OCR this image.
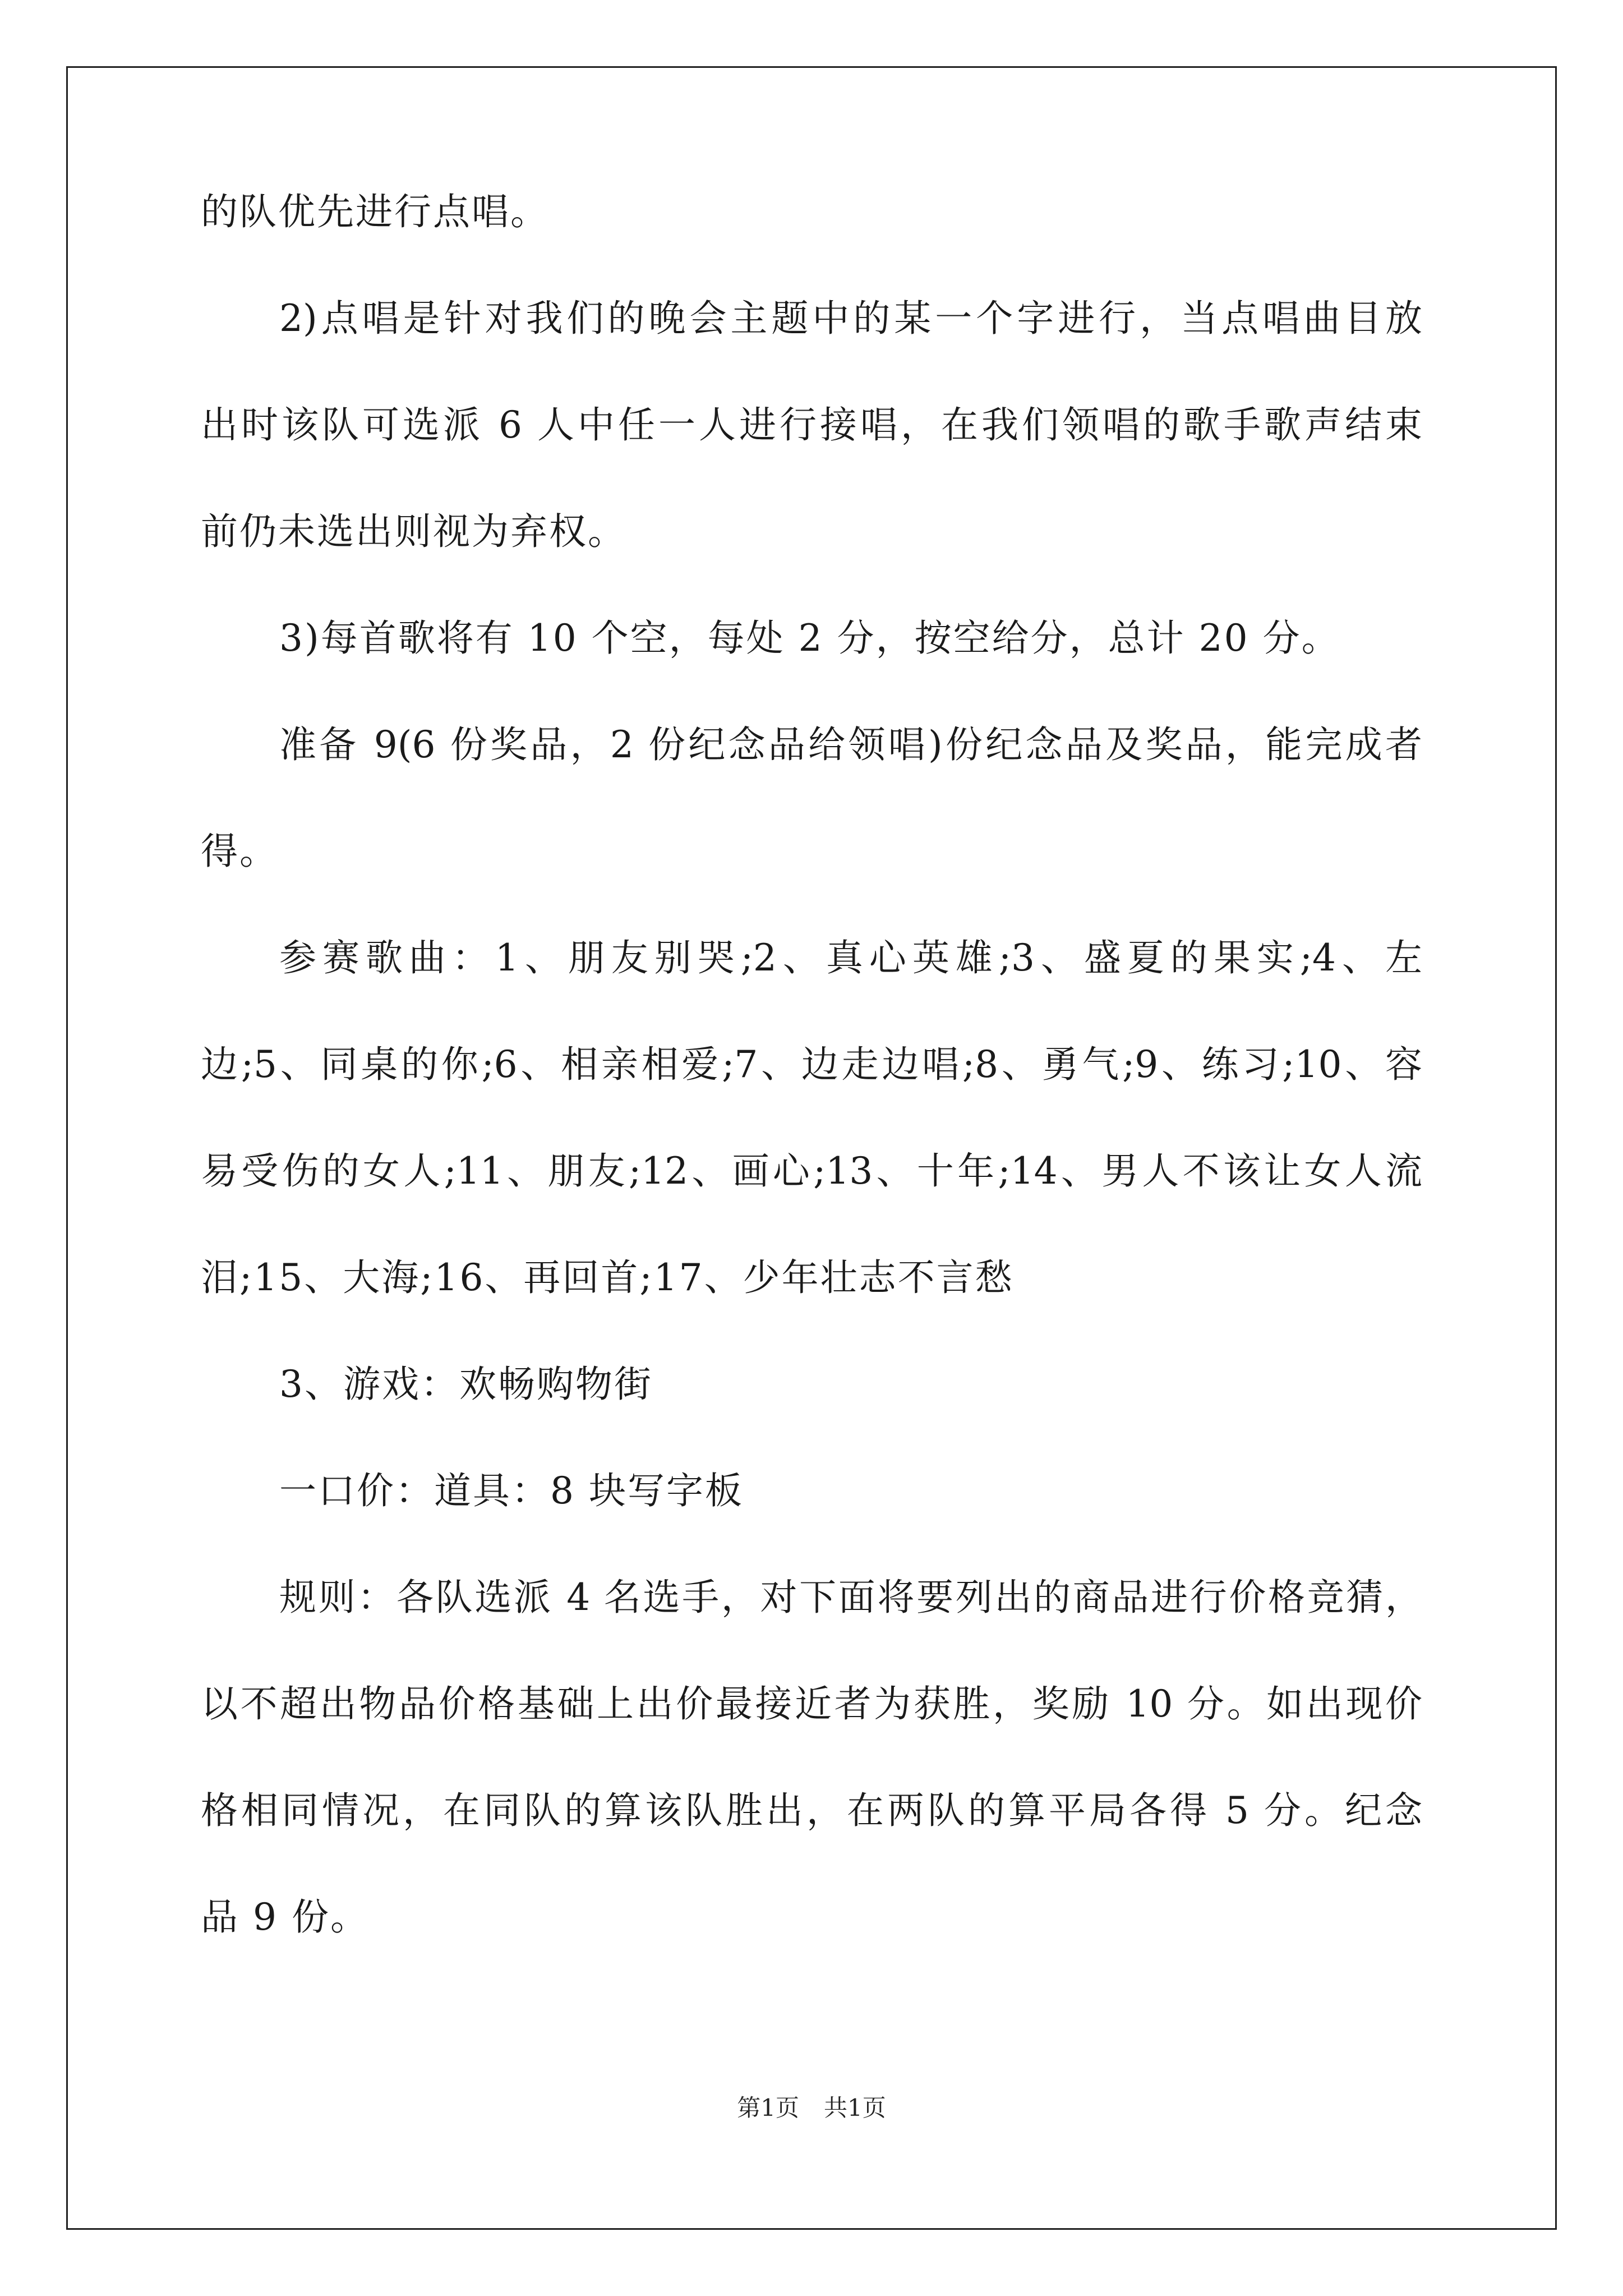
的队优先进行点唱。
2)点唱是针对我们的晚会主题中的某一个字进行，当点唱曲目放
出时该队可选派 6 人中任一人进行接唱，在我们领唱的歌手歌声结束
前仍未选出则视为弃权。
3)每首歌将有 10 个空，每处 2 分，按空给分，总计 20 分。
准备 9(6 份奖品，2 份纪念品给领唱)份纪念品及奖品，能完成者
得。
参赛歌曲：1、朋友别哭;2、真心英雄;3、盛夏的果实;4、左
边;5、同桌的你;6、相亲相爱;7、边走边唱;8、勇气;9、练习;10、容
易受伤的女人;11、朋友;12、画心;13、十年;14、男人不该让女人流
泪;15、大海;16、再回首;17、少年壮志不言愁
3、游戏：欢畅购物街
一口价：道具：8 块写字板
规则：各队选派 4 名选手，对下面将要列出的商品进行价格竞猜，
以不超出物品价格基础上出价最接近者为获胜，奖励 10 分。如出现价
格相同情况，在同队的算该队胜出，在两队的算平局各得 5 分。纪念
品 9 份。
第1页 共1页
